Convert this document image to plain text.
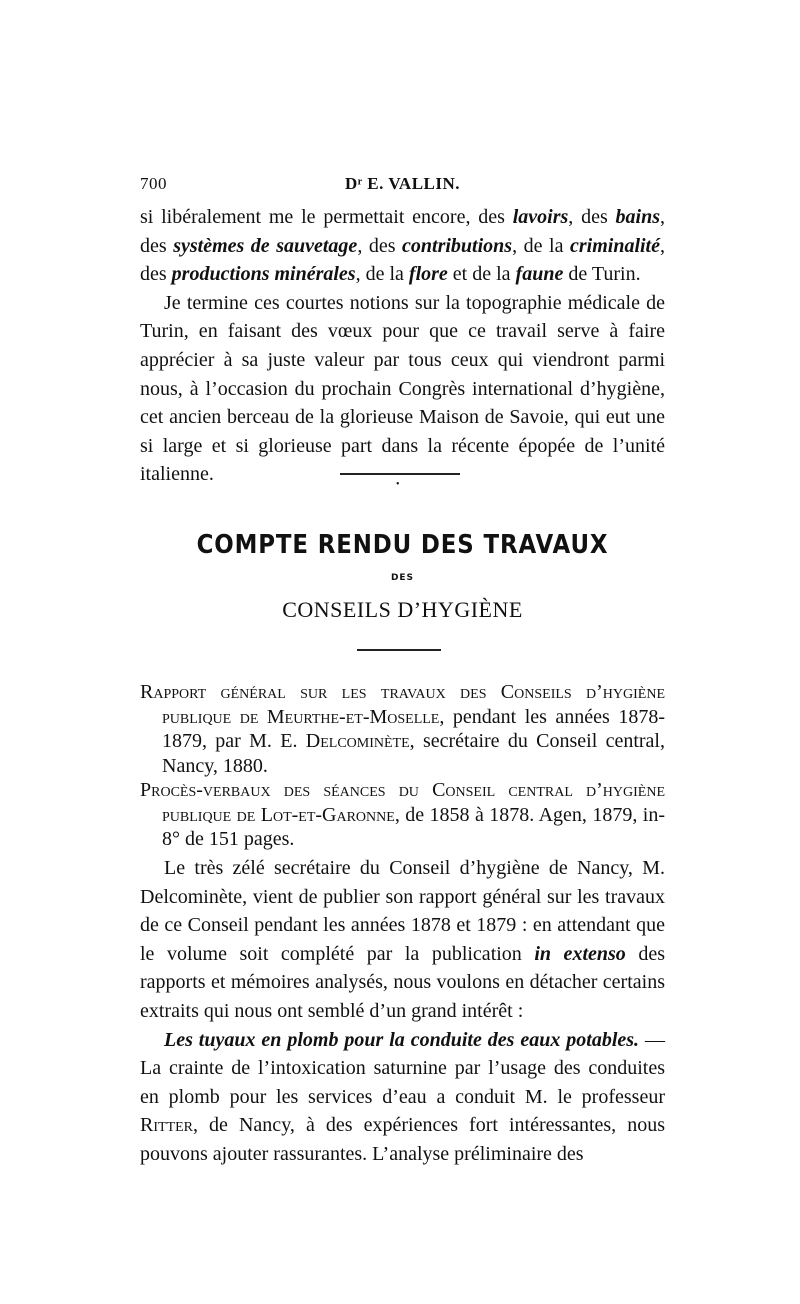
700	Dʳ E. VALLIN.

si libéralement me le permettait encore, des lavoirs, des bains, des systèmes de sauvetage, des contributions, de la criminalité, des productions minérales, de la flore et de la faune de Turin.

Je termine ces courtes notions sur la topographie médicale de Turin, en faisant des vœux pour que ce travail serve à faire apprécier à sa juste valeur par tous ceux qui viendront parmi nous, à l’occasion du prochain Congrès international d’hygiène, cet ancien berceau de la glorieuse Maison de Savoie, qui eut une si large et si glorieuse part dans la récente épopée de l’unité italienne.	•
COMPTE RENDU DES TRAVAUX
DES
CONSEILS D’HYGIÈNE

Rapport général sur les travaux des Conseils d’hygiène publique de Meurthe-et-Moselle, pendant les années 1878-1879, par M. E. Delcominète, secrétaire du Conseil central, Nancy, 1880.

Procès-verbaux des séances du Conseil central d’hygiène publique de Lot-et-Garonne, de 1858 à 1878. Agen, 1879, in-8° de 151 pages.

Le très zélé secrétaire du Conseil d’hygiène de Nancy, M. Delcominète, vient de publier son rapport général sur les travaux de ce Conseil pendant les années 1878 et 1879 : en attendant que le volume soit complété par la publication in extenso des rapports et mémoires analysés, nous voulons en détacher certains extraits qui nous ont semblé d’un grand intérêt :

Les tuyaux en plomb pour la conduite des eaux potables. — La crainte de l’intoxication saturnine par l’usage des conduites en plomb pour les services d’eau a conduit M. le professeur Ritter, de Nancy, à des expériences fort intéressantes, nous pouvons ajouter rassurantes. L’analyse préliminaire des
